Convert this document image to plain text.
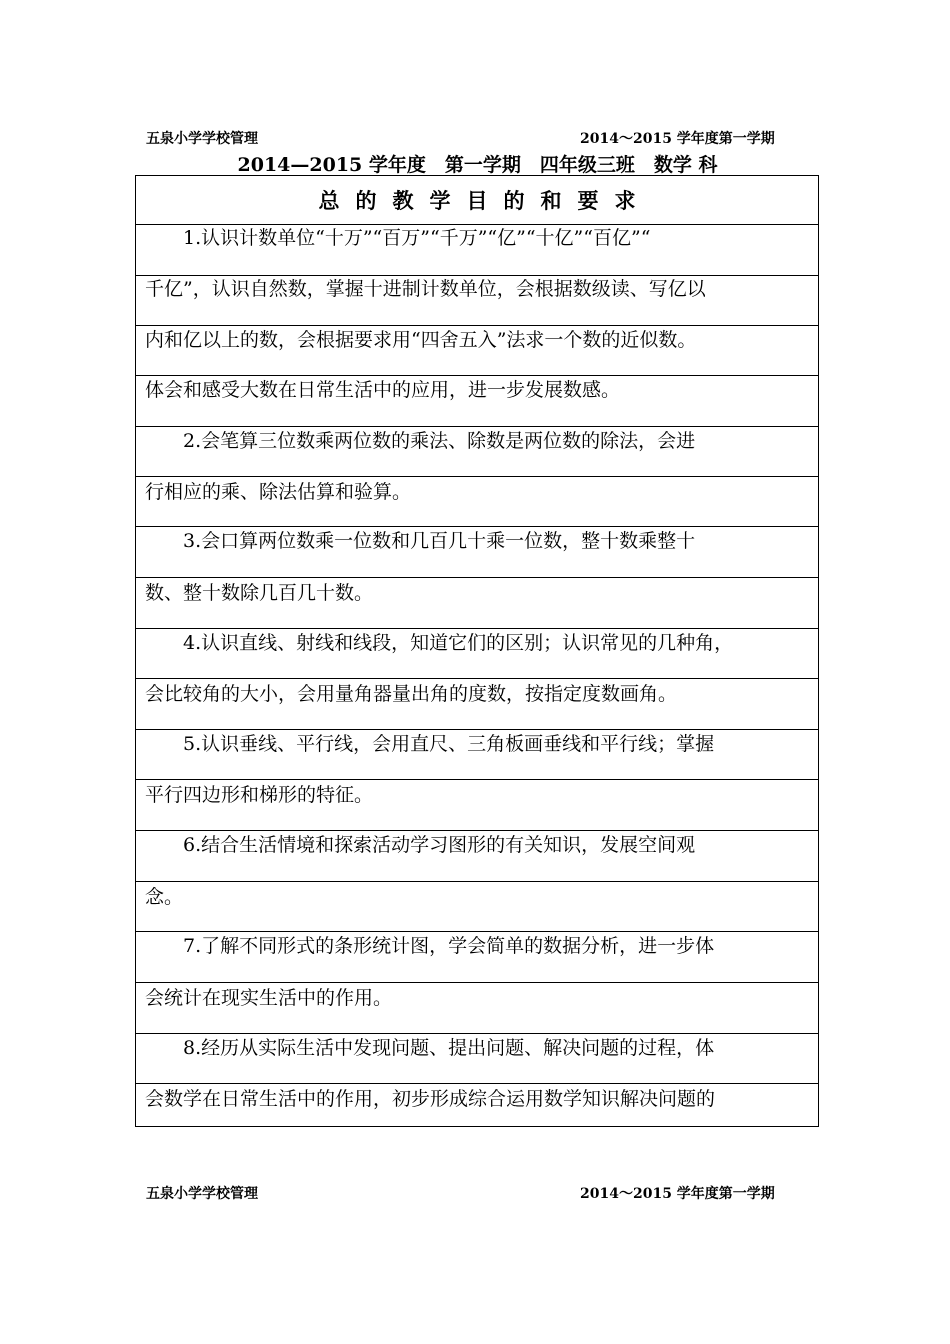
五泉小学学校管理	2014～2015 学年度第一学期
2014—2015 学年度　第一学期　四年级三班　数学 科
总的教学目的和要求
1.认识计数单位“十万”“百万”“千万”“亿”“十亿”“百亿”“
千亿”，认识自然数，掌握十进制计数单位，会根据数级读、写亿以
内和亿以上的数，会根据要求用“四舍五入”法求一个数的近似数。
体会和感受大数在日常生活中的应用，进一步发展数感。
2.会笔算三位数乘两位数的乘法、除数是两位数的除法，会进
行相应的乘、除法估算和验算。
3.会口算两位数乘一位数和几百几十乘一位数，整十数乘整十
数、整十数除几百几十数。
4.认识直线、射线和线段，知道它们的区别；认识常见的几种角，
会比较角的大小，会用量角器量出角的度数，按指定度数画角。
5.认识垂线、平行线，会用直尺、三角板画垂线和平行线；掌握
平行四边形和梯形的特征。
6.结合生活情境和探索活动学习图形的有关知识，发展空间观
念。
7.了解不同形式的条形统计图，学会简单的数据分析，进一步体
会统计在现实生活中的作用。
8.经历从实际生活中发现问题、提出问题、解决问题的过程，体
会数学在日常生活中的作用，初步形成综合运用数学知识解决问题的
五泉小学学校管理	2014～2015 学年度第一学期
